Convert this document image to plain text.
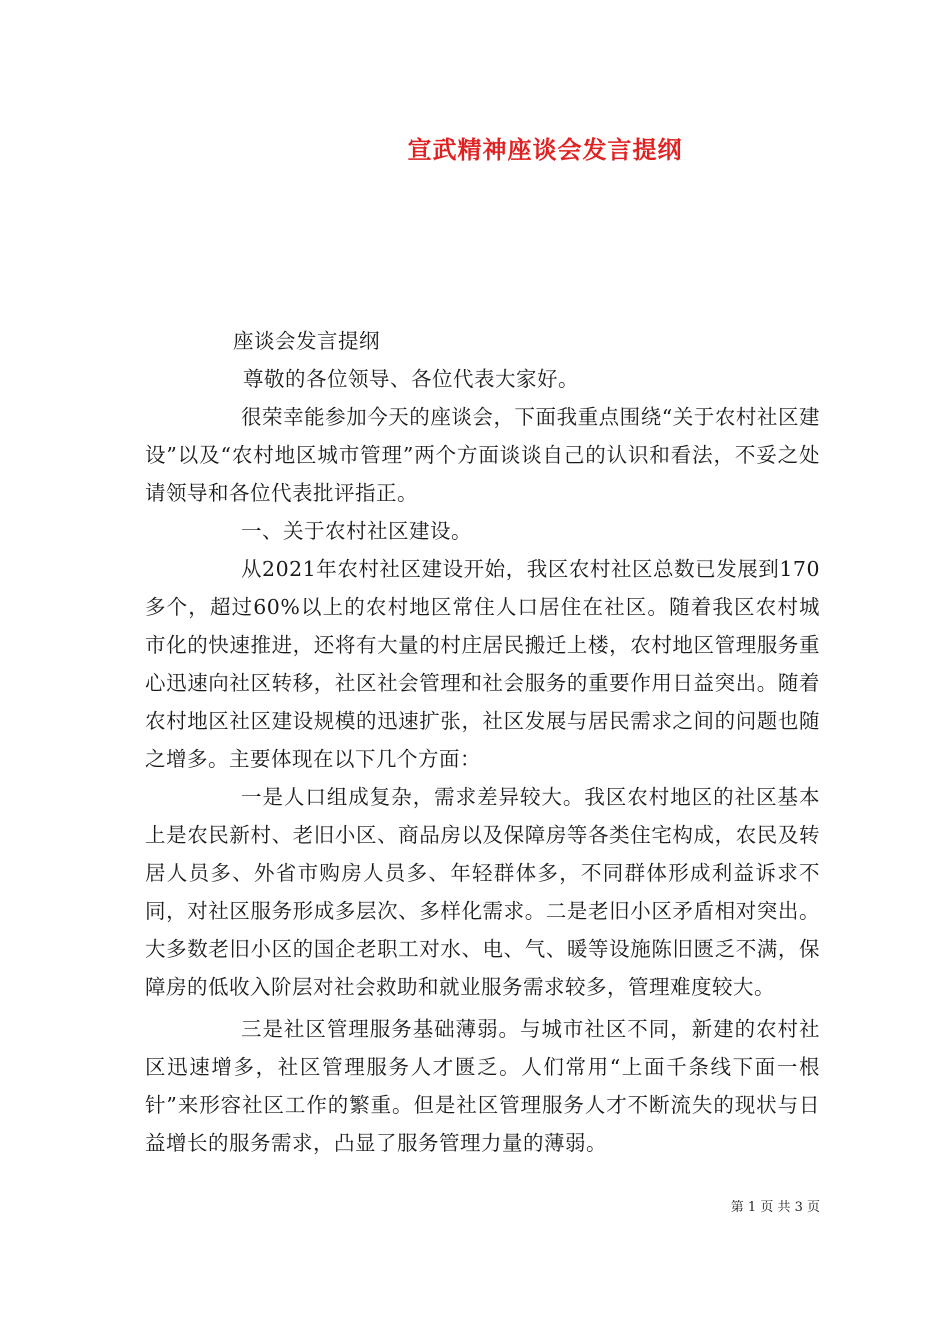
宣武精神座谈会发言提纲

座谈会发言提纲

尊敬的各位领导、各位代表大家好。

很荣幸能参加今天的座谈会，下面我重点围绕“关于农村社区建设”以及“农村地区城市管理”两个方面谈谈自己的认识和看法，不妥之处请领导和各位代表批评指正。

一、关于农村社区建设。

从2021年农村社区建设开始，我区农村社区总数已发展到170多个，超过60%以上的农村地区常住人口居住在社区。随着我区农村城市化的快速推进，还将有大量的村庄居民搬迁上楼，农村地区管理服务重心迅速向社区转移，社区社会管理和社会服务的重要作用日益突出。随着农村地区社区建设规模的迅速扩张，社区发展与居民需求之间的问题也随之增多。主要体现在以下几个方面：

一是人口组成复杂，需求差异较大。我区农村地区的社区基本上是农民新村、老旧小区、商品房以及保障房等各类住宅构成，农民及转居人员多、外省市购房人员多、年轻群体多，不同群体形成利益诉求不同，对社区服务形成多层次、多样化需求。二是老旧小区矛盾相对突出。大多数老旧小区的国企老职工对水、电、气、暖等设施陈旧匮乏不满，保障房的低收入阶层对社会救助和就业服务需求较多，管理难度较大。

三是社区管理服务基础薄弱。与城市社区不同，新建的农村社区迅速增多，社区管理服务人才匮乏。人们常用“上面千条线下面一根针”来形容社区工作的繁重。但是社区管理服务人才不断流失的现状与日益增长的服务需求，凸显了服务管理力量的薄弱。

第 1 页 共 3 页
